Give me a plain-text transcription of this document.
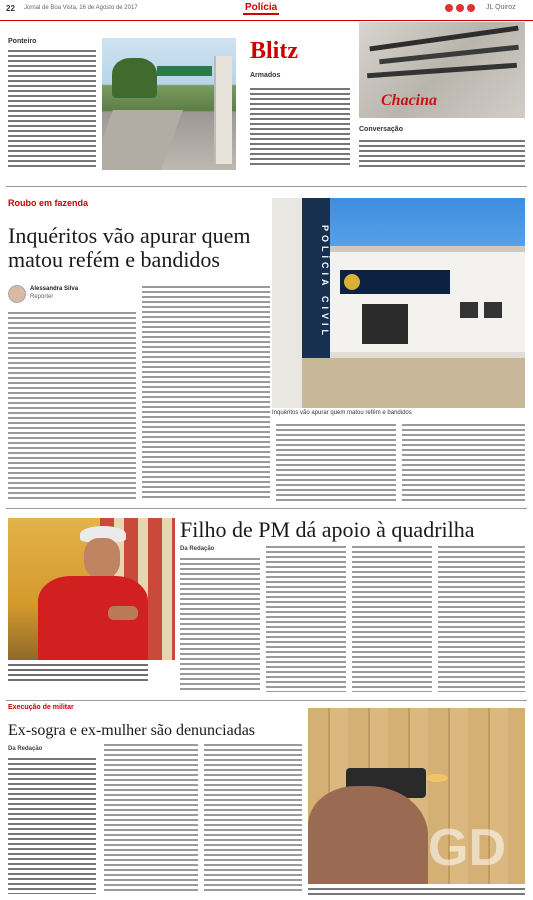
22 Jornal de Boa Vista, 16 de Agosto de 2017	Polícia	JL Quiroz
Ponteiro	Blitz
Armados
Chacina
Conversação
Roubo em fazenda
Inquéritos vão apurar quem matou refém e bandidos
Alessandra Silva
Repórter
POLÍCIA CIVIL
Inquéritos vão apurar quem matou refém e bandidos
Filho de PM dá apoio à quadrilha
Da Redação
Execução de militar
Ex-sogra e ex-mulher são denunciadas
Da Redação
GD
